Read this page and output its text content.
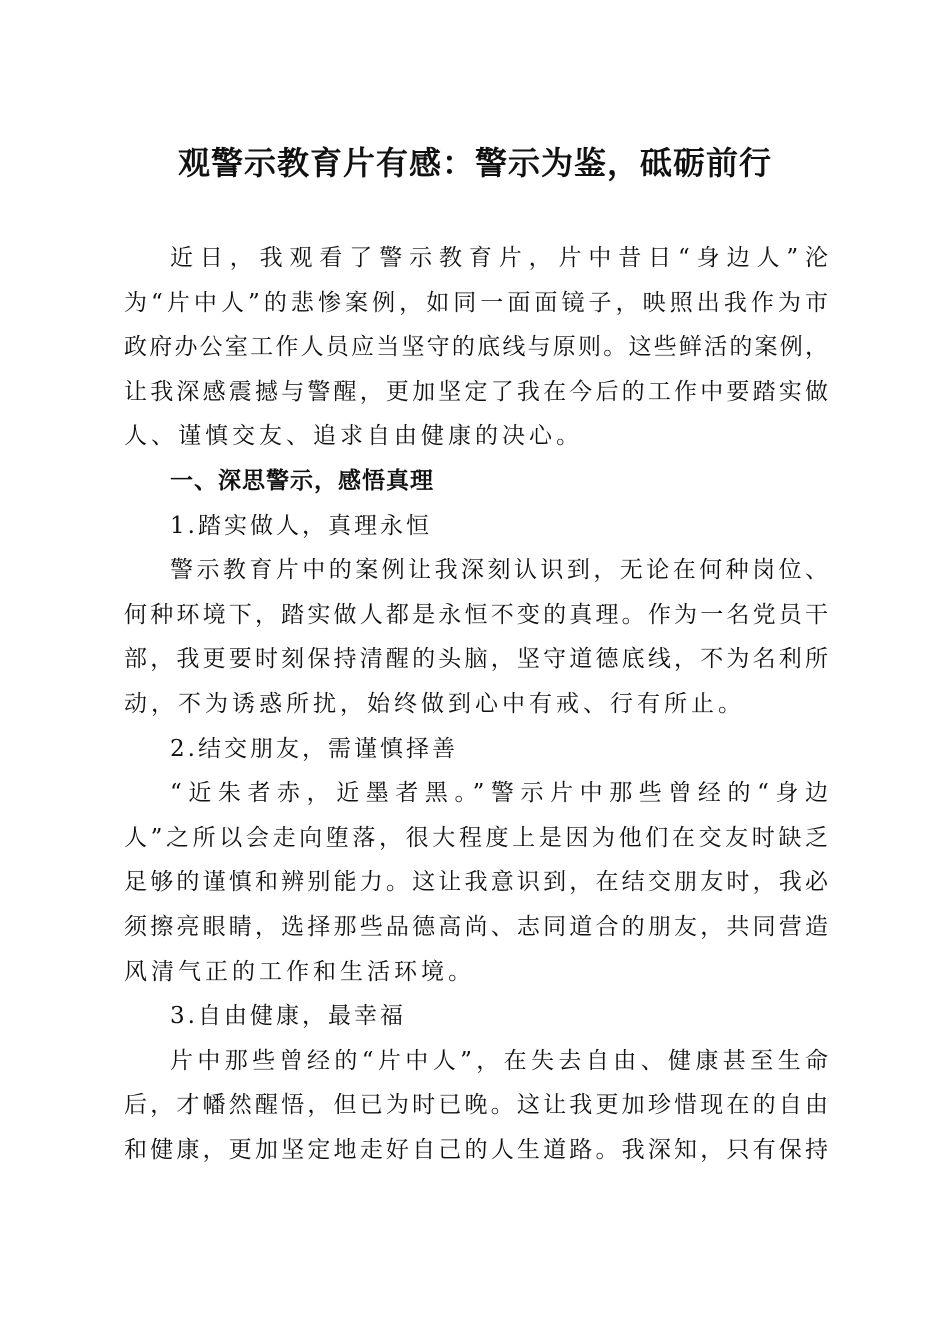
观警示教育片有感：警示为鉴，砥砺前行
近日，我观看了警示教育片，片中昔日“身边人”沦
为“片中人”的悲惨案例，如同一面面镜子，映照出我作为市
政府办公室工作人员应当坚守的底线与原则。这些鲜活的案例，
让我深感震撼与警醒，更加坚定了我在今后的工作中要踏实做
人、谨慎交友、追求自由健康的决心。
一、深思警示，感悟真理
1.踏实做人，真理永恒
警示教育片中的案例让我深刻认识到，无论在何种岗位、
何种环境下，踏实做人都是永恒不变的真理。作为一名党员干
部，我更要时刻保持清醒的头脑，坚守道德底线，不为名利所
动，不为诱惑所扰，始终做到心中有戒、行有所止。
2.结交朋友，需谨慎择善
“近朱者赤，近墨者黑。”警示片中那些曾经的“身边
人”之所以会走向堕落，很大程度上是因为他们在交友时缺乏
足够的谨慎和辨别能力。这让我意识到，在结交朋友时，我必
须擦亮眼睛，选择那些品德高尚、志同道合的朋友，共同营造
风清气正的工作和生活环境。
3.自由健康，最幸福
片中那些曾经的“片中人”，在失去自由、健康甚至生命
后，才幡然醒悟，但已为时已晚。这让我更加珍惜现在的自由
和健康，更加坚定地走好自己的人生道路。我深知，只有保持
